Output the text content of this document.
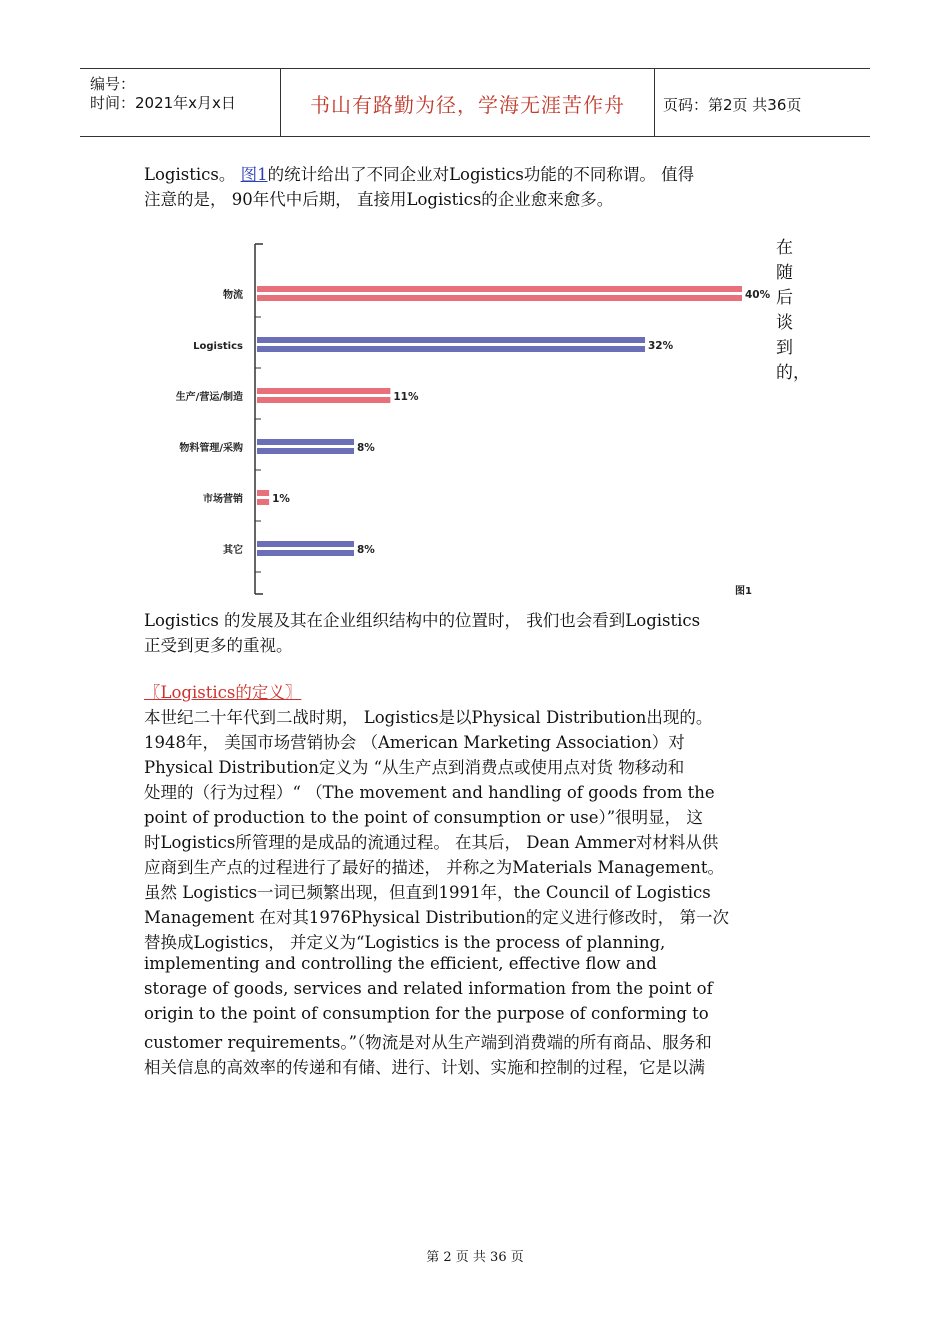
编号：
时间：2021年x月x日	书山有路勤为径，学海无涯苦作舟	页码：第2页 共36页
Logistics。 图1的统计给出了不同企业对Logistics功能的不同称谓。 值得
注意的是， 90年代中后期， 直接用Logistics的企业愈来愈多。
在
随
后
谈
到
的，
物流	40%
Logistics	32%
生产/营运/制造	11%
物料管理/采购	8%
市场营销	1%
其它	8%
图1
Logistics 的发展及其在企业组织结构中的位置时， 我们也会看到Logistics
正受到更多的重视。
〖Logistics的定义〗
本世纪二十年代到二战时期， Logistics是以Physical Distribution出现的。
1948年， 美国市场营销协会 （American Marketing Association）对
Physical Distribution定义为 “从生产点到消费点或使用点对货 物移动和
处理的（行为过程）“ （The movement and handling of goods from the
point of production to the point of consumption or use）”很明显， 这
时Logistics所管理的是成品的流通过程。 在其后， Dean Ammer对材料从供
应商到生产点的过程进行了最好的描述， 并称之为Materials Management。
虽然 Logistics一词已频繁出现，但直到1991年，the Council of Logistics
Management 在对其1976Physical Distribution的定义进行修改时， 第一次
替换成Logistics， 并定义为“Logistics is the process of planning,
implementing and controlling the efficient, effective flow and
storage of goods, services and related information from the point of
origin to the point of consumption for the purpose of conforming to
customer requirements。”（物流是对从生产端到消费端的所有商品、服务和
相关信息的高效率的传递和有储、进行、计划、实施和控制的过程，它是以满
第 2 页 共 36 页
